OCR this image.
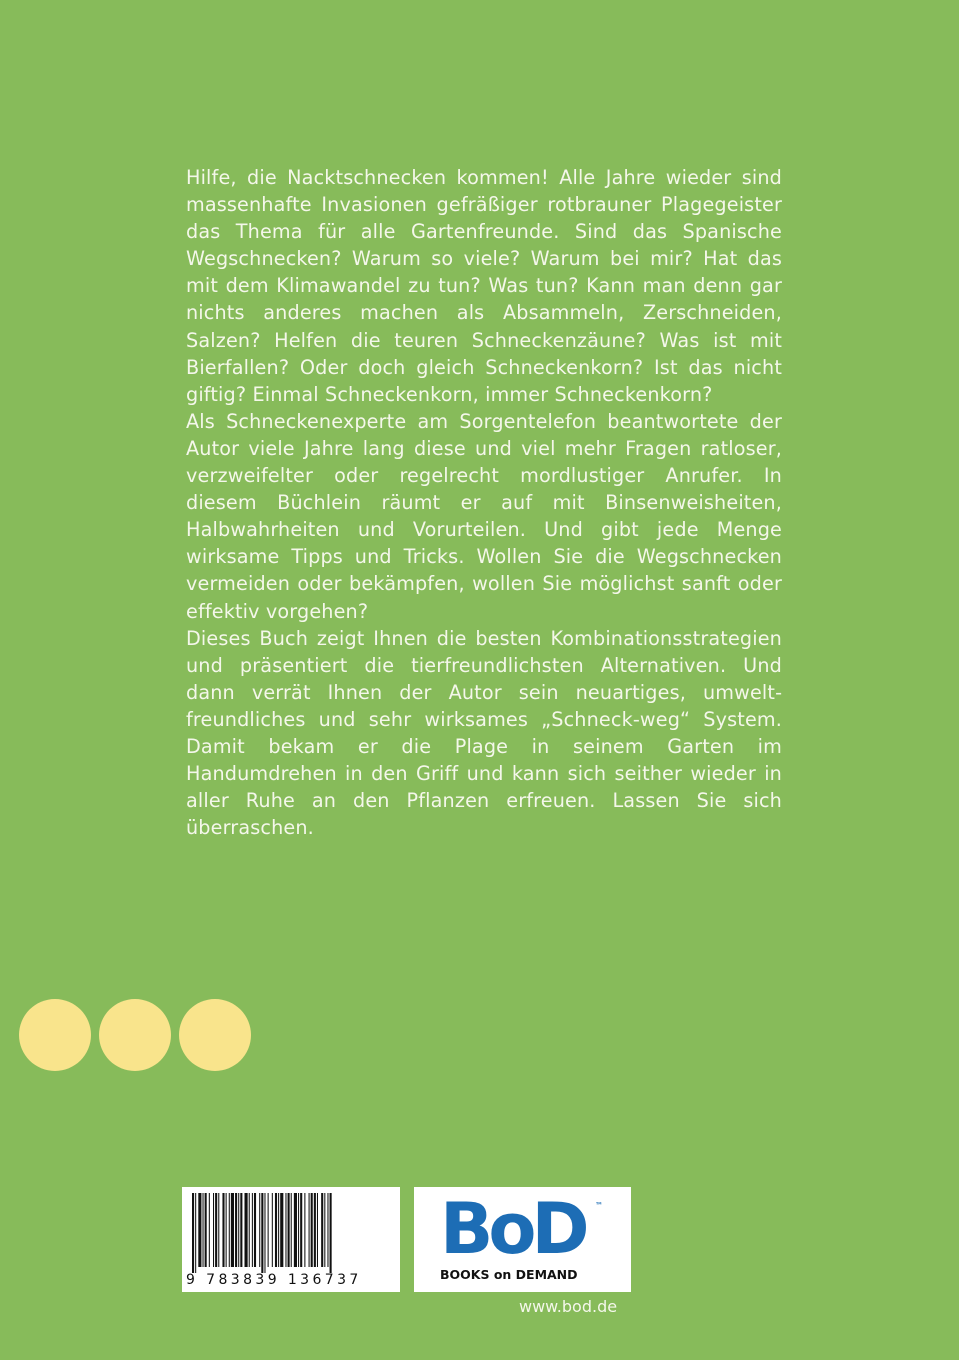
Hilfe, die Nacktschnecken kommen! Alle Jahre wieder sind massenhafte Invasionen gefräßiger rotbrauner Plagegeister das Thema für alle Gartenfreunde. Sind das Spanische Wegschnecken? Warum so viele? Warum bei mir? Hat das mit dem Klimawandel zu tun? Was tun? Kann man denn gar nichts anderes machen als Absammeln, Zerschneiden, Salzen? Helfen die teuren Schneckenzäune? Was ist mit Bierfallen? Oder doch gleich Schneckenkorn? Ist das nicht giftig? Einmal Schneckenkorn, immer Schneckenkorn?

Als Schneckenexperte am Sorgentelefon beantwortete der Autor viele Jahre lang diese und viel mehr Fragen ratloser, verzweifelter oder regelrecht mordlustiger Anrufer. In diesem Büchlein räumt er auf mit Binsenweisheiten, Halbwahrheiten und Vorurteilen. Und gibt jede Menge wirksame Tipps und Tricks. Wollen Sie die Wegschnecken vermeiden oder bekämpfen, wollen Sie möglichst sanft oder effektiv vorgehen?

Dieses Buch zeigt Ihnen die besten Kombinationsstrategien und präsentiert die tierfreundlichsten Alternativen. Und dann verrät Ihnen der Autor sein neuartiges, umweltfreundliches und sehr wirksames „Schneck-weg“ System. Damit bekam er die Plage in seinem Garten im Handumdrehen in den Griff und kann sich seither wieder in aller Ruhe an den Pflanzen erfreuen. Lassen Sie sich überraschen.

9 783839 136737
BoD ™
BOOKS on DEMAND
www.bod.de
